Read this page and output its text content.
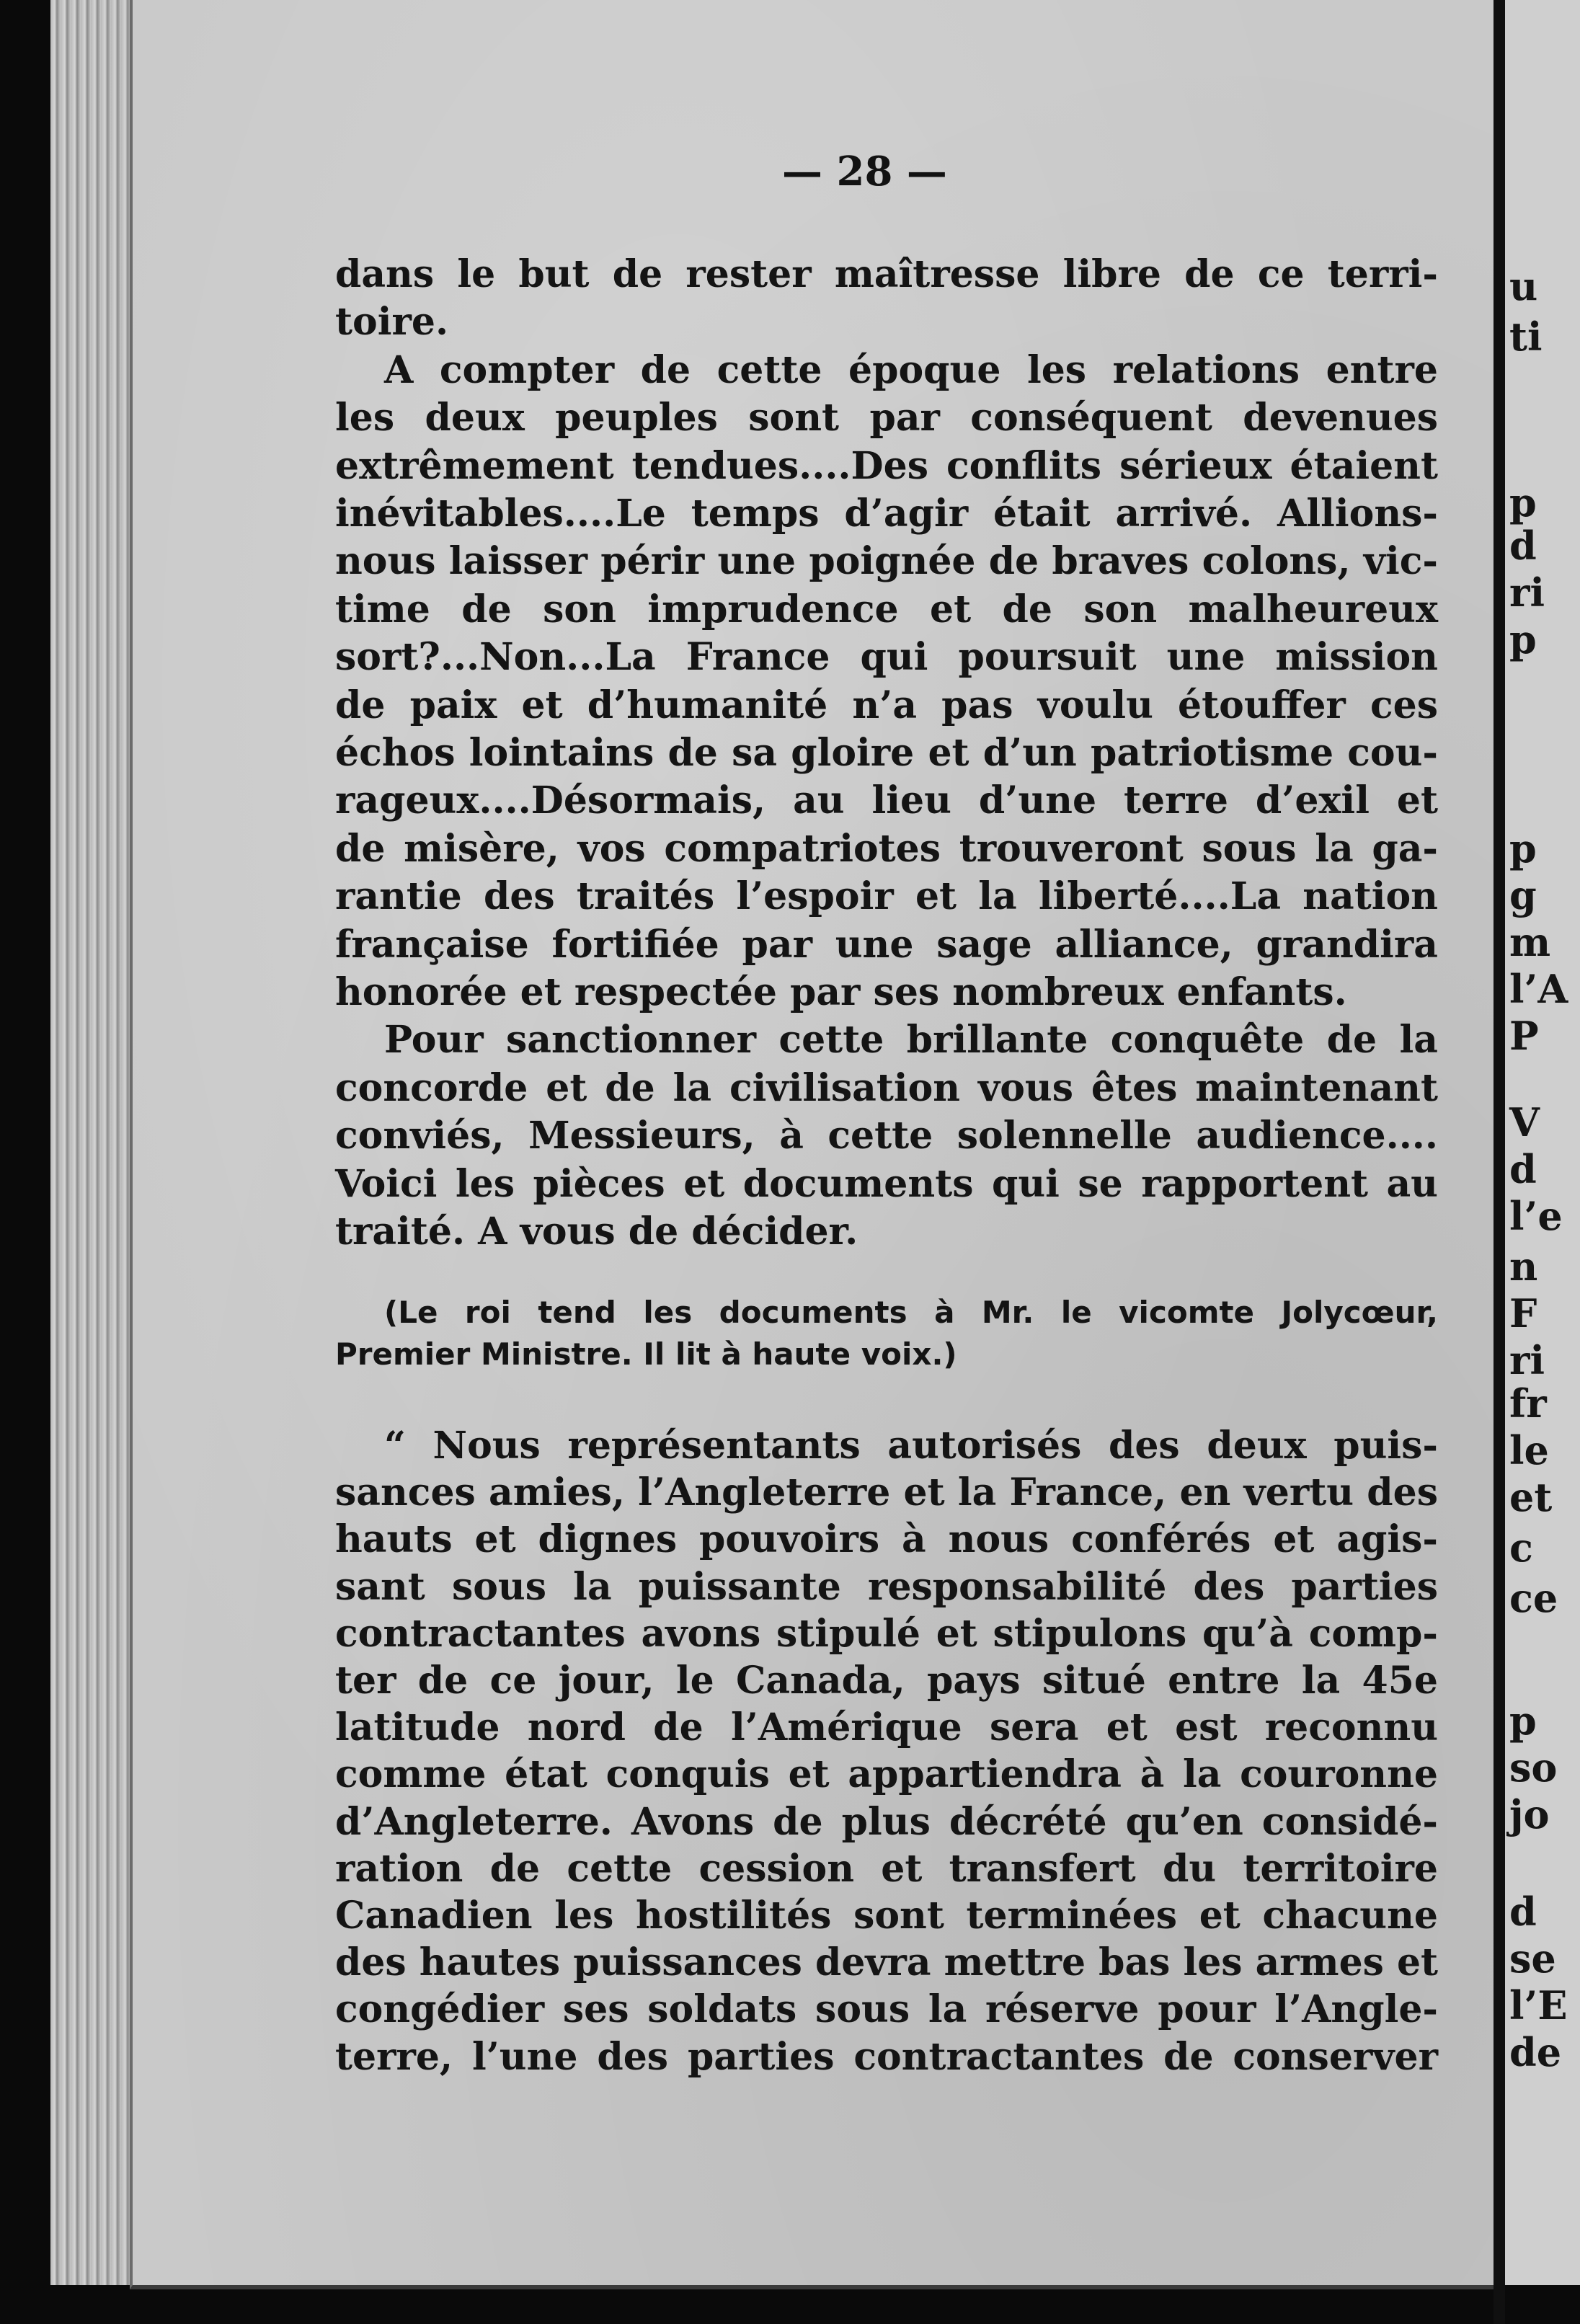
u
ti
p
d
ri
p
p
g
m
l’A
P
V
d
l’e
n
F
ri
fr
le
et
c
ce
p
so
jo
d
se
l’E
de
— 28 —
dans le but de rester maîtresse libre de ce terri-
toire.
A compter de cette époque les relations entre
les deux peuples sont par conséquent devenues
extrêmement tendues....Des conflits sérieux étaient
inévitables....Le temps d’agir était arrivé. Allions-
nous laisser périr une poignée de braves colons, vic-
time de son imprudence et de son malheureux
sort?...Non...La France qui poursuit une mission
de paix et d’humanité n’a pas voulu étouffer ces
échos lointains de sa gloire et d’un patriotisme cou-
rageux....Désormais, au lieu d’une terre d’exil et
de misère, vos compatriotes trouveront sous la ga-
rantie des traités l’espoir et la liberté....La nation
française fortifiée par une sage alliance, grandira
honorée et respectée par ses nombreux enfants.
Pour sanctionner cette brillante conquête de la
concorde et de la civilisation vous êtes maintenant
conviés, Messieurs, à cette solennelle audience....
Voici les pièces et documents qui se rapportent au
traité. A vous de décider.
(Le roi tend les documents à Mr. le vicomte Jolycœur,
Premier Ministre. Il lit à haute voix.)
“ Nous représentants autorisés des deux puis-
sances amies, l’Angleterre et la France, en vertu des
hauts et dignes pouvoirs à nous conférés et agis-
sant sous la puissante responsabilité des parties
contractantes avons stipulé et stipulons qu’à comp-
ter de ce jour, le Canada, pays situé entre la 45e
latitude nord de l’Amérique sera et est reconnu
comme état conquis et appartiendra à la couronne
d’Angleterre. Avons de plus décrété qu’en considé-
ration de cette cession et transfert du territoire
Canadien les hostilités sont terminées et chacune
des hautes puissances devra mettre bas les armes et
congédier ses soldats sous la réserve pour l’Angle-
terre, l’une des parties contractantes de conserver
